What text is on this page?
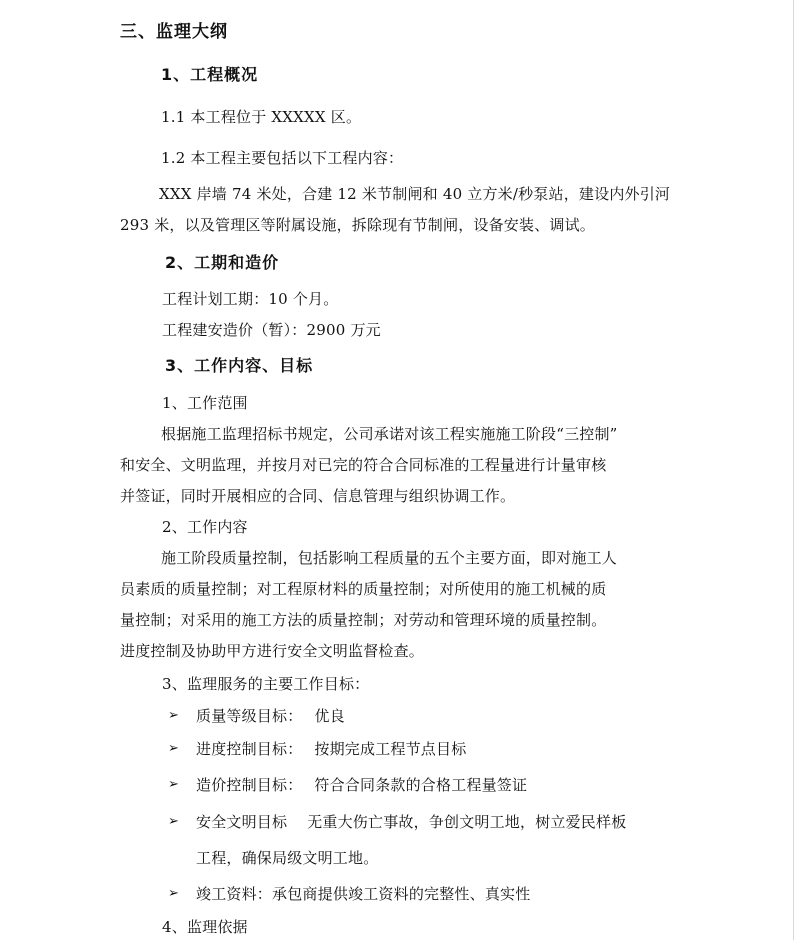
三、监理大纲
1、工程概况
1.1 本工程位于 XXXXX 区。
1.2 本工程主要包括以下工程内容：
XXX 岸墙 74 米处，合建 12 米节制闸和 40 立方米/秒泵站，建设内外引河
293 米，以及管理区等附属设施，拆除现有节制闸，设备安装、调试。
2、工期和造价
工程计划工期：10 个月。
工程建安造价（暂）：2900 万元
3、工作内容、目标
1、工作范围
根据施工监理招标书规定，公司承诺对该工程实施施工阶段“三控制”
和安全、文明监理，并按月对已完的符合合同标准的工程量进行计量审核
并签证，同时开展相应的合同、信息管理与组织协调工作。
2、工作内容
施工阶段质量控制，包括影响工程质量的五个主要方面，即对施工人
员素质的质量控制；对工程原材料的质量控制；对所使用的施工机械的质
量控制；对采用的施工方法的质量控制；对劳动和管理环境的质量控制。
进度控制及协助甲方进行安全文明监督检查。
3、监理服务的主要工作目标：
➢ 质量等级目标： 优良
➢ 进度控制目标： 按期完成工程节点目标
➢ 造价控制目标： 符合合同条款的合格工程量签证
➢ 安全文明目标 无重大伤亡事故，争创文明工地，树立爱民样板
工程，确保局级文明工地。
➢ 竣工资料：承包商提供竣工资料的完整性、真实性
4、监理依据
